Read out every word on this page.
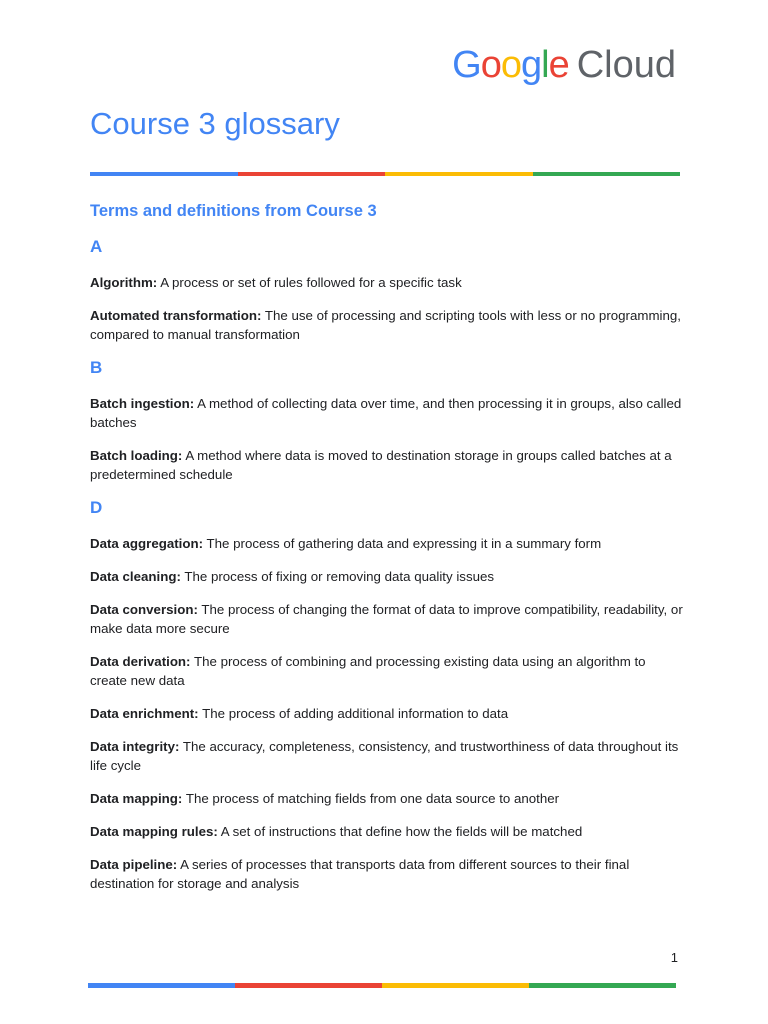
Google Cloud
Course 3 glossary
Terms and definitions from Course 3
A

Algorithm: A process or set of rules followed for a specific task

Automated transformation: The use of processing and scripting tools with less or no programming, compared to manual transformation

B

Batch ingestion: A method of collecting data over time, and then processing it in groups, also called batches

Batch loading: A method where data is moved to destination storage in groups called batches at a predetermined schedule

D

Data aggregation: The process of gathering data and expressing it in a summary form

Data cleaning: The process of fixing or removing data quality issues

Data conversion: The process of changing the format of data to improve compatibility, readability, or make data more secure

Data derivation: The process of combining and processing existing data using an algorithm to create new data

Data enrichment: The process of adding additional information to data

Data integrity: The accuracy, completeness, consistency, and trustworthiness of data throughout its life cycle

Data mapping: The process of matching fields from one data source to another

Data mapping rules: A set of instructions that define how the fields will be matched

Data pipeline: A series of processes that transports data from different sources to their final destination for storage and analysis

1
